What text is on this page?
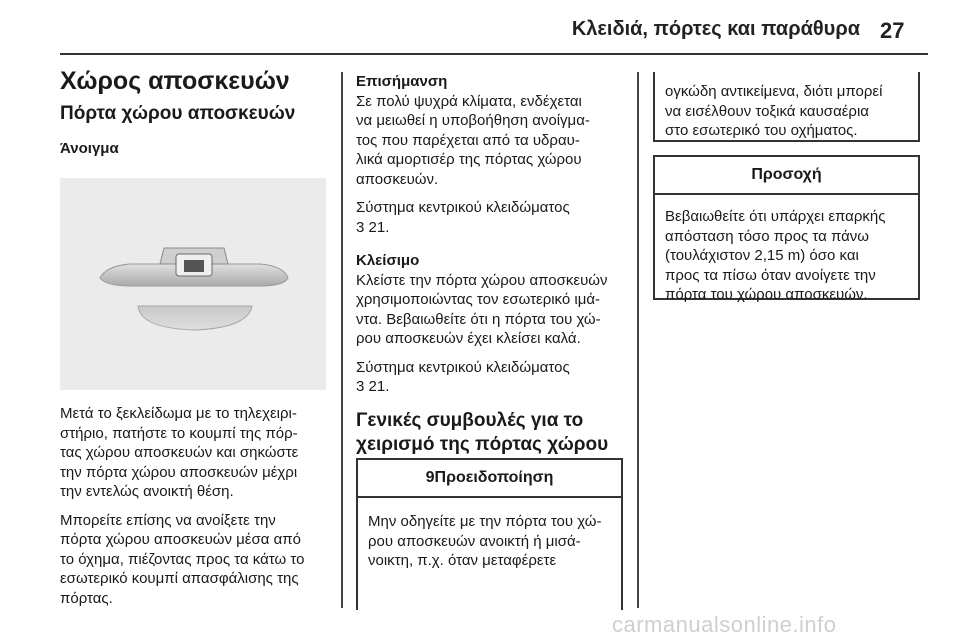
Κλειδιά, πόρτες και παράθυρα 27
Χώρος αποσκευών
Πόρτα χώρου αποσκευών
Άνοιγμα

Μετά το ξεκλείδωμα με το τηλεχειρι-
στήριο, πατήστε το κουμπί της πόρ-
τας χώρου αποσκευών και σηκώστε
την πόρτα χώρου αποσκευών μέχρι
την εντελώς ανοικτή θέση.

Μπορείτε επίσης να ανοίξετε την
πόρτα χώρου αποσκευών μέσα από
το όχημα, πιέζοντας προς τα κάτω το
εσωτερικό κουμπί απασφάλισης της
πόρτας.

Επισήμανση

Σε πολύ ψυχρά κλίματα, ενδέχεται
να μειωθεί η υποβοήθηση ανοίγμα-
τος που παρέχεται από τα υδραυ-
λικά αμορτισέρ της πόρτας χώρου
αποσκευών.

Σύστημα κεντρικού κλειδώματος
3 21.

Κλείσιμο

Κλείστε την πόρτα χώρου αποσκευών
χρησιμοποιώντας τον εσωτερικό ιμά-
ντα. Βεβαιωθείτε ότι η πόρτα του χώ-
ρου αποσκευών έχει κλείσει καλά.

Σύστημα κεντρικού κλειδώματος
3 21.

Γενικές συμβουλές για το
χειρισμό της πόρτας χώρου

9Προειδοποίηση
Μην οδηγείτε με την πόρτα του χώ-
ρου αποσκευών ανοικτή ή μισά-
νοικτη, π.χ. όταν μεταφέρετε
ογκώδη αντικείμενα, διότι μπορεί
να εισέλθουν τοξικά καυσαέρια
στο εσωτερικό του οχήματος.
Προσοχή
Βεβαιωθείτε ότι υπάρχει επαρκής
απόσταση τόσο προς τα πάνω
(τουλάχιστον 2,15 m) όσο και
προς τα πίσω όταν ανοίγετε την
πόρτα του χώρου αποσκευών.
carmanualsonline.info
